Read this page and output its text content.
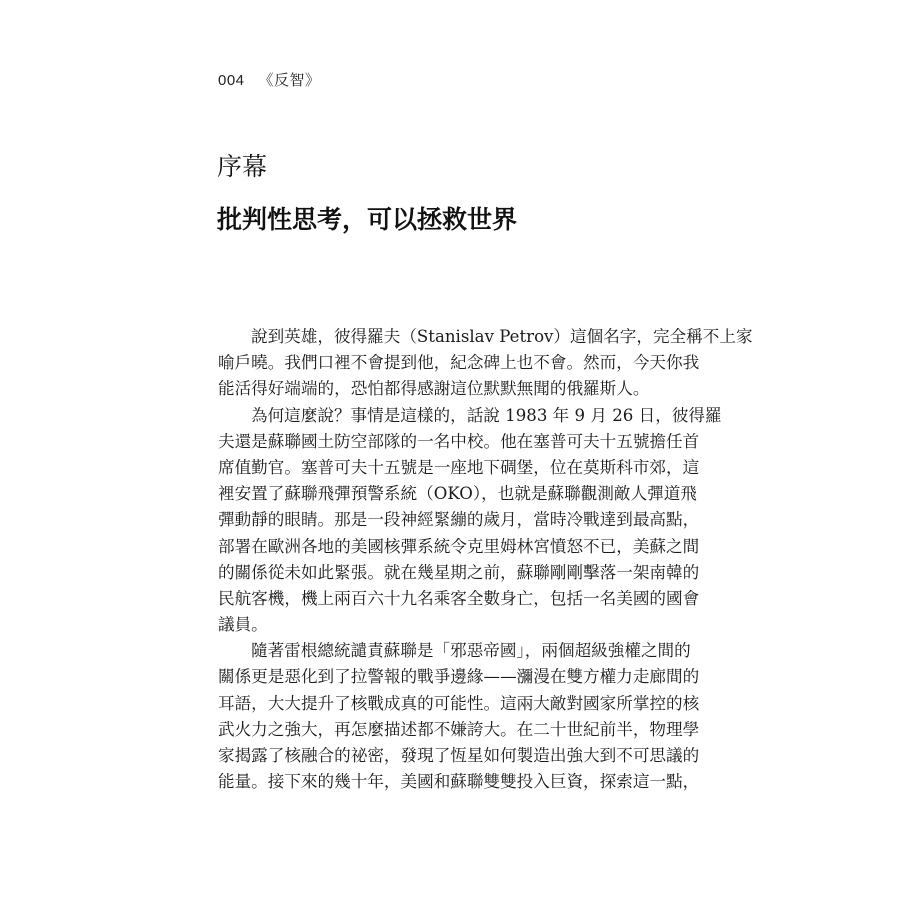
004 《反智》
序幕
批判性思考，可以拯救世界
說到英雄，彼得羅夫（Stanislav Petrov）這個名字，完全稱不上家
喻戶曉。我們口裡不會提到他，紀念碑上也不會。然而，今天你我
能活得好端端的，恐怕都得感謝這位默默無聞的俄羅斯人。
為何這麼說？事情是這樣的，話說 1983 年 9 月 26 日，彼得羅
夫還是蘇聯國土防空部隊的一名中校。他在塞普可夫十五號擔任首
席值勤官。塞普可夫十五號是一座地下碉堡，位在莫斯科市郊，這
裡安置了蘇聯飛彈預警系統（OKO），也就是蘇聯觀測敵人彈道飛
彈動靜的眼睛。那是一段神經緊繃的歲月，當時冷戰達到最高點，
部署在歐洲各地的美國核彈系統令克里姆林宮憤怒不已，美蘇之間
的關係從未如此緊張。就在幾星期之前，蘇聯剛剛擊落一架南韓的
民航客機，機上兩百六十九名乘客全數身亡，包括一名美國的國會
議員。
隨著雷根總統譴責蘇聯是「邪惡帝國」，兩個超級強權之間的
關係更是惡化到了拉警報的戰爭邊緣——瀰漫在雙方權力走廊間的
耳語，大大提升了核戰成真的可能性。這兩大敵對國家所掌控的核
武火力之強大，再怎麼描述都不嫌誇大。在二十世紀前半，物理學
家揭露了核融合的祕密，發現了恆星如何製造出強大到不可思議的
能量。接下來的幾十年，美國和蘇聯雙雙投入巨資，探索這一點，
